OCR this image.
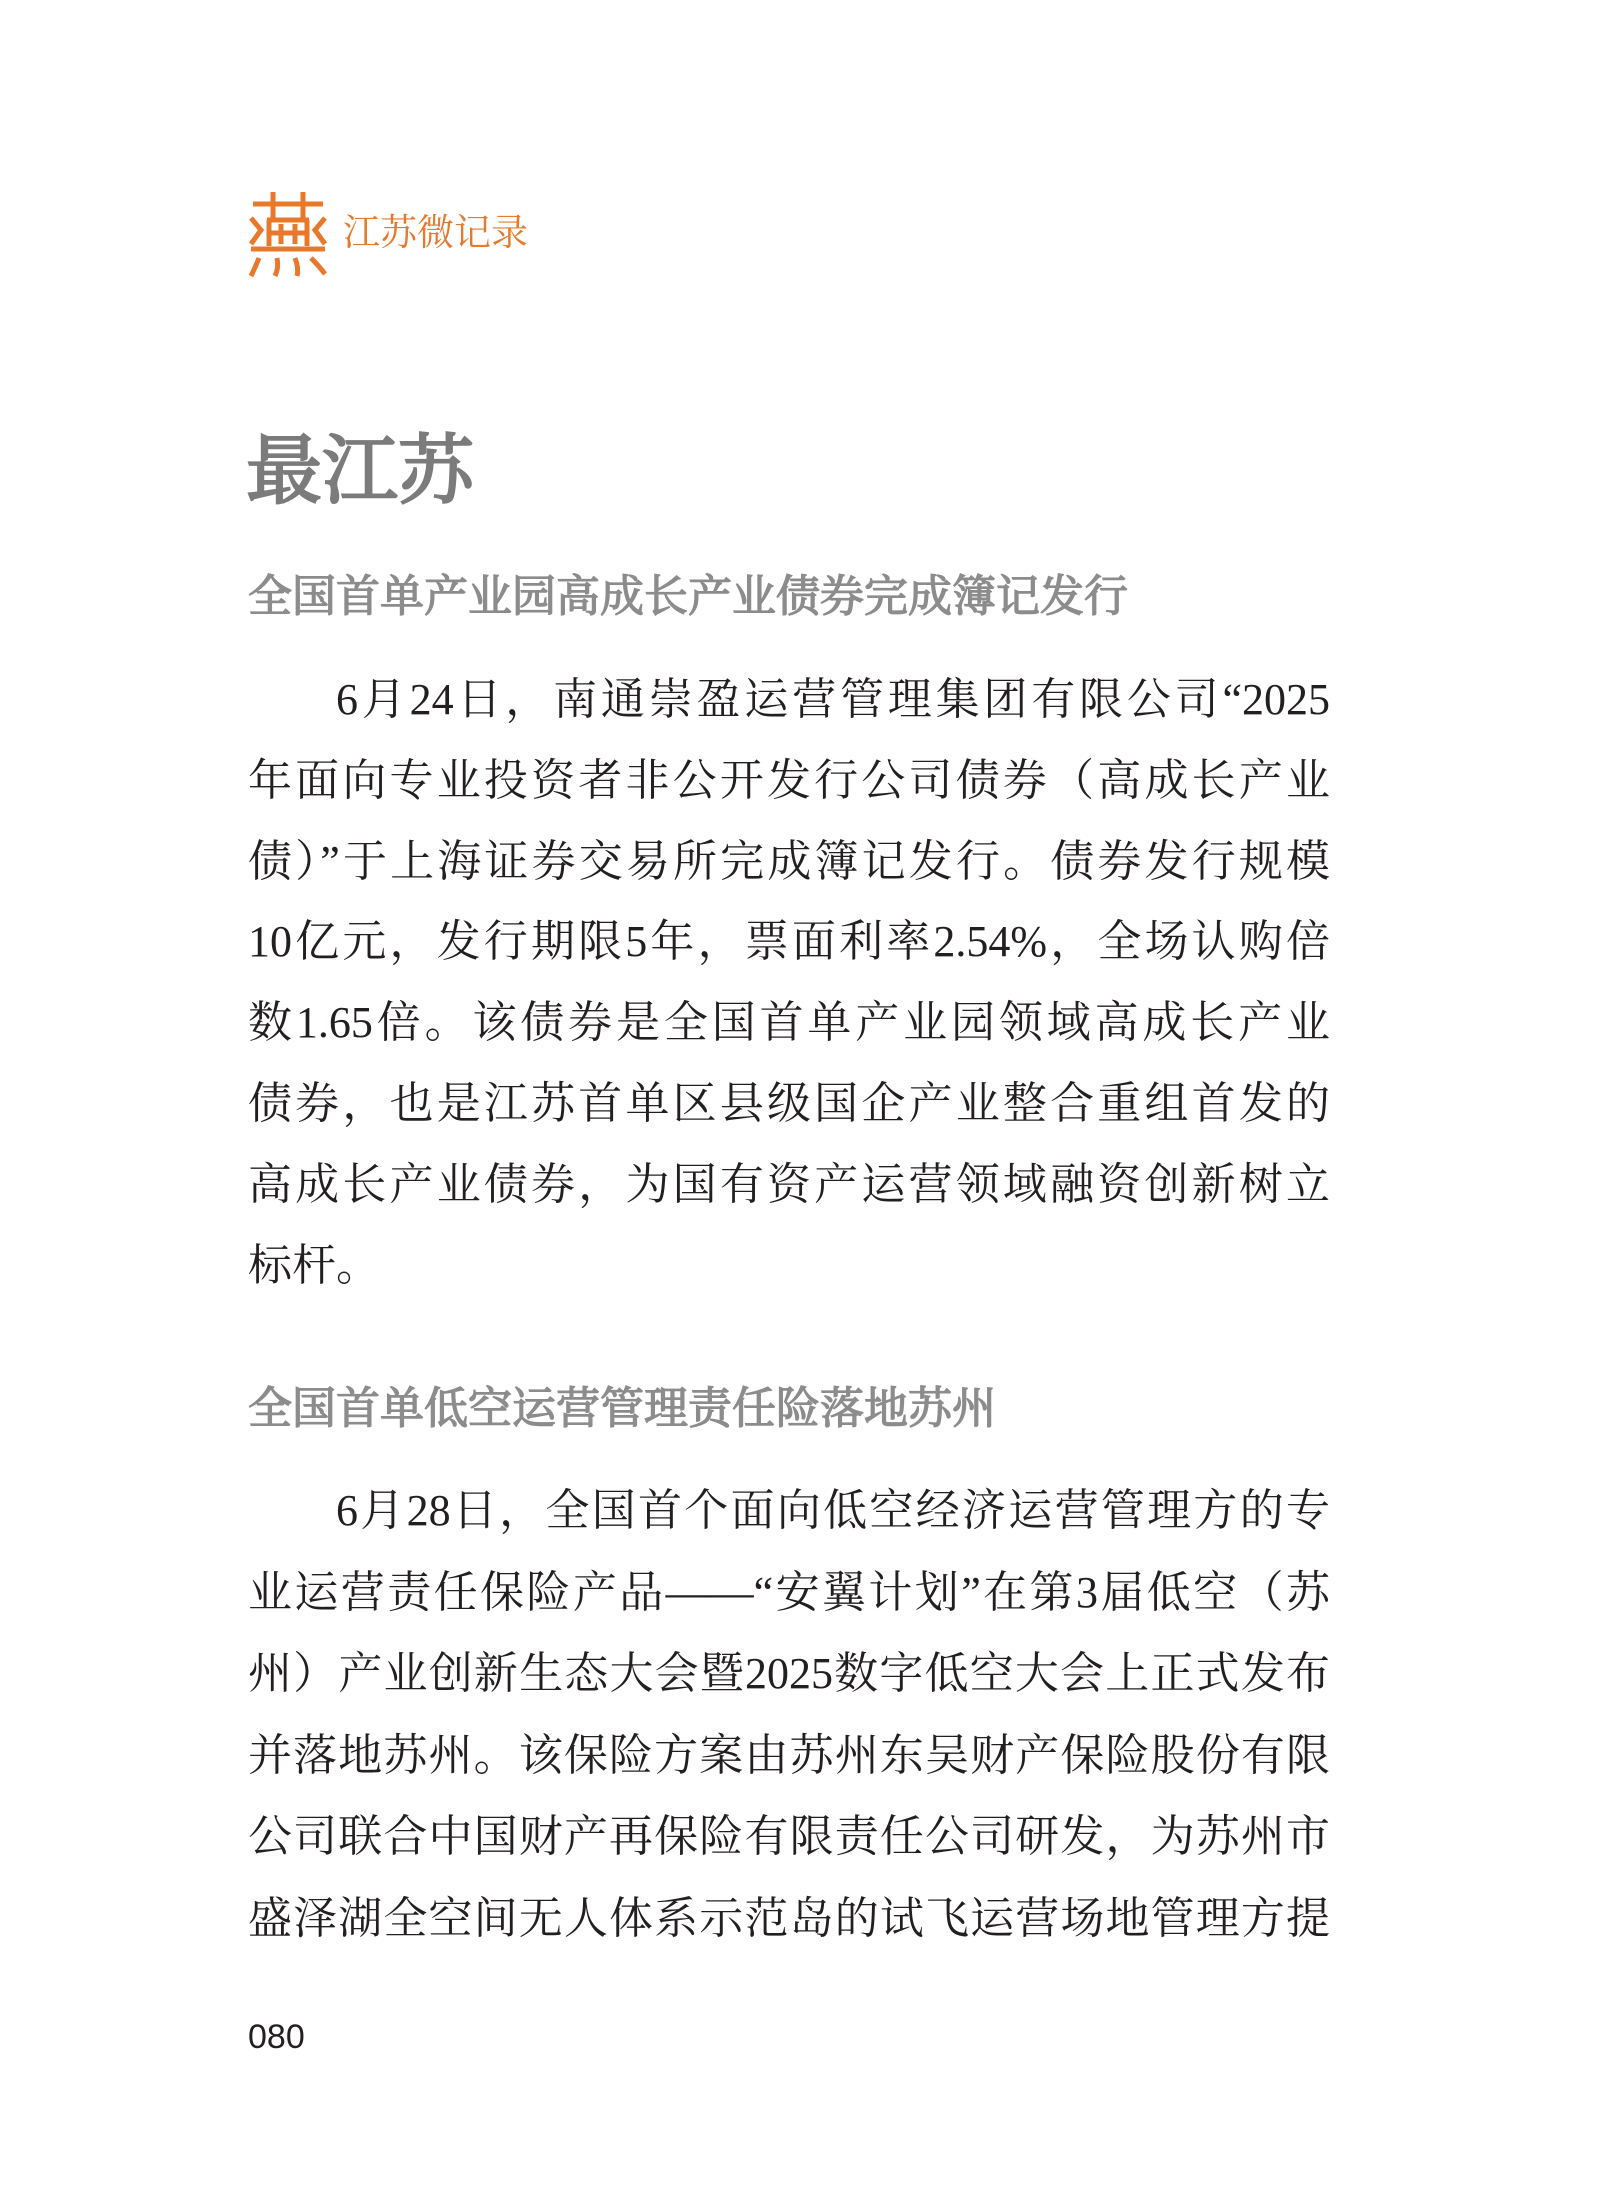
江苏微记录
最江苏
全国首单产业园高成长产业债券完成簿记发行
6月24日，南通崇盈运营管理集团有限公司“2025
年面向专业投资者非公开发行公司债券（高成长产业
债）”于上海证券交易所完成簿记发行。债券发行规模
10亿元，发行期限5年，票面利率2.54%，全场认购倍
数1.65倍。该债券是全国首单产业园领域高成长产业
债券，也是江苏首单区县级国企产业整合重组首发的
高成长产业债券，为国有资产运营领域融资创新树立
标杆。
全国首单低空运营管理责任险落地苏州
6月28日，全国首个面向低空经济运营管理方的专
业运营责任保险产品——“安翼计划”在第3届低空（苏
州）产业创新生态大会暨2025数字低空大会上正式发布
并落地苏州。该保险方案由苏州东吴财产保险股份有限
公司联合中国财产再保险有限责任公司研发，为苏州市
盛泽湖全空间无人体系示范岛的试飞运营场地管理方提
080
